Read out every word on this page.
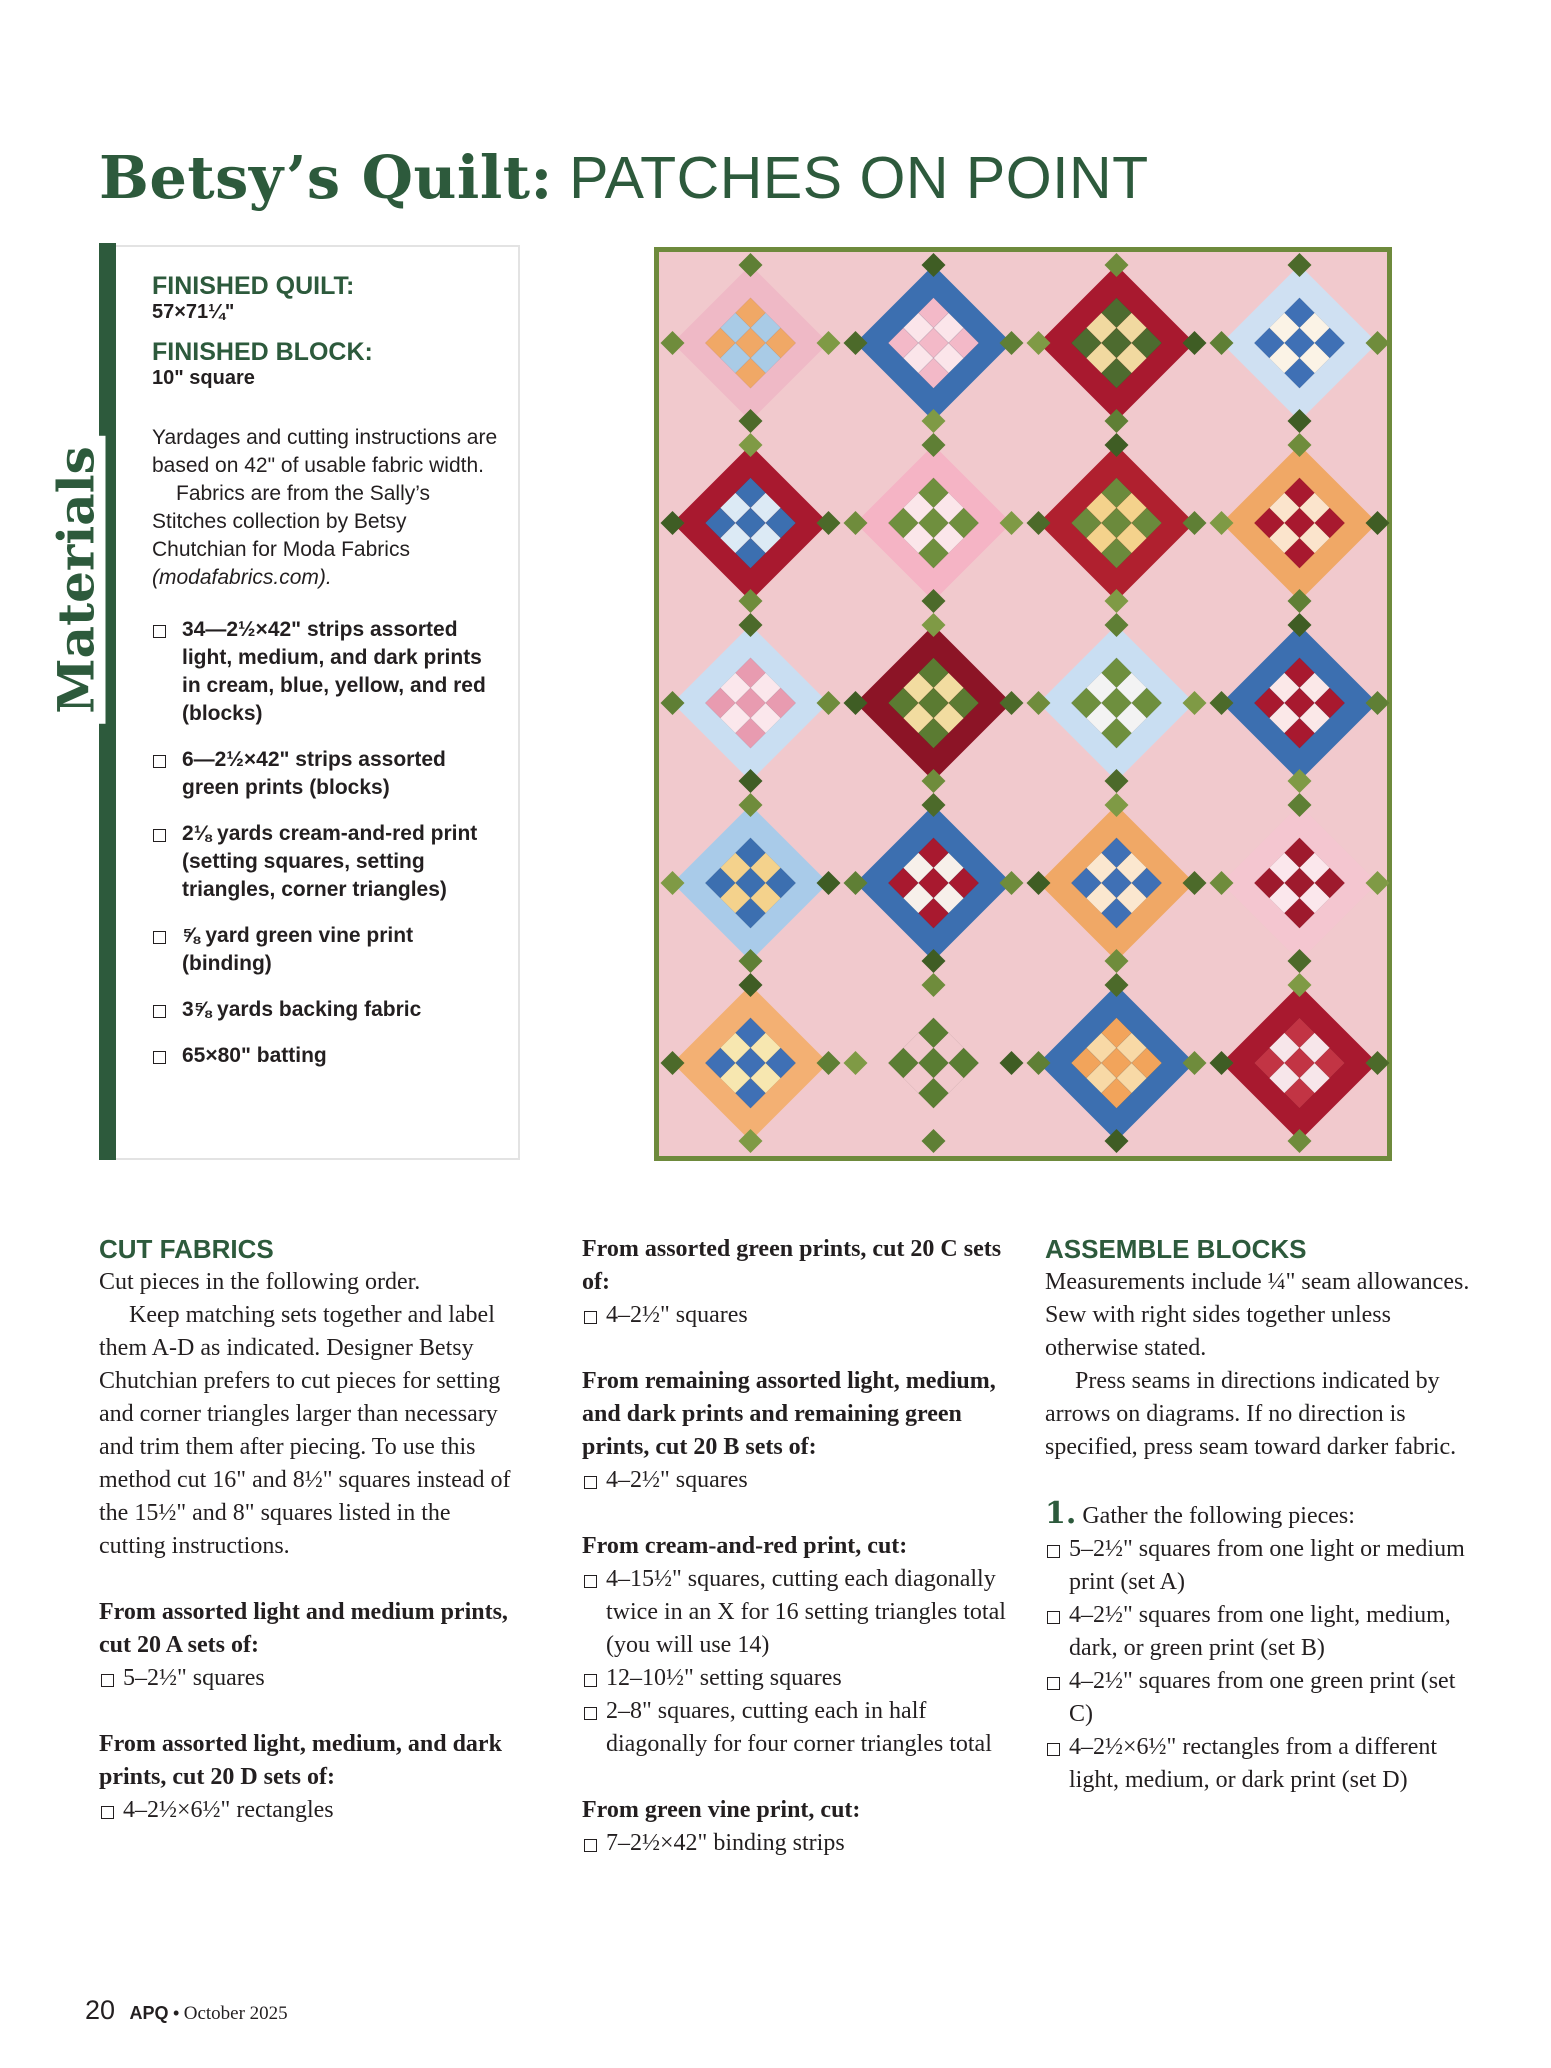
Betsy’s Quilt: PATCHES ON POINT
Materials
FINISHED QUILT:
57×71¼"
FINISHED BLOCK:
10" square
Yardages and cutting instructions are based on 42" of usable fabric width.
Fabrics are from the Sally’s Stitches collection by Betsy Chutchian for Moda Fabrics (modafabrics.com).
34—2½×42" strips assorted light, medium, and dark prints in cream, blue, yellow, and red (blocks)
6—2½×42" strips assorted green prints (blocks)
2⅛ yards cream-and-red print (setting squares, setting triangles, corner triangles)
⅝ yard green vine print (binding)
3⅝ yards backing fabric
65×80" batting
CUT FABRICS

Cut pieces in the following order.

Keep matching sets together and label them A-D as indicated. Designer Betsy Chutchian prefers to cut pieces for setting and corner triangles larger than necessary and trim them after piecing. To use this method cut 16" and 8½" squares instead of the 15½" and 8" squares listed in the cutting instructions.

From assorted light and medium prints, cut 20 A sets of:

5–2½" squares

From assorted light, medium, and dark prints, cut 20 D sets of:

4–2½×6½" rectangles

From assorted green prints, cut 20 C sets of:

4–2½" squares

From remaining assorted light, medium, and dark prints and remaining green prints, cut 20 B sets of:

4–2½" squares

From cream-and-red print, cut:

4–15½" squares, cutting each diagonally twice in an X for 16 setting triangles total (you will use 14)

12–10½" setting squares

2–8" squares, cutting each in half diagonally for four corner triangles total

From green vine print, cut:

7–2½×42" binding strips

ASSEMBLE BLOCKS

Measurements include ¼" seam allowances. Sew with right sides together unless otherwise stated.

Press seams in directions indicated by arrows on diagrams. If no direction is specified, press seam toward darker fabric.

1. Gather the following pieces:

5–2½" squares from one light or medium print (set A)

4–2½" squares from one light, medium, dark, or green print (set B)

4–2½" squares from one green print (set C)

4–2½×6½" rectangles from a different light, medium, or dark print (set D)

20 APQ • October 2025
